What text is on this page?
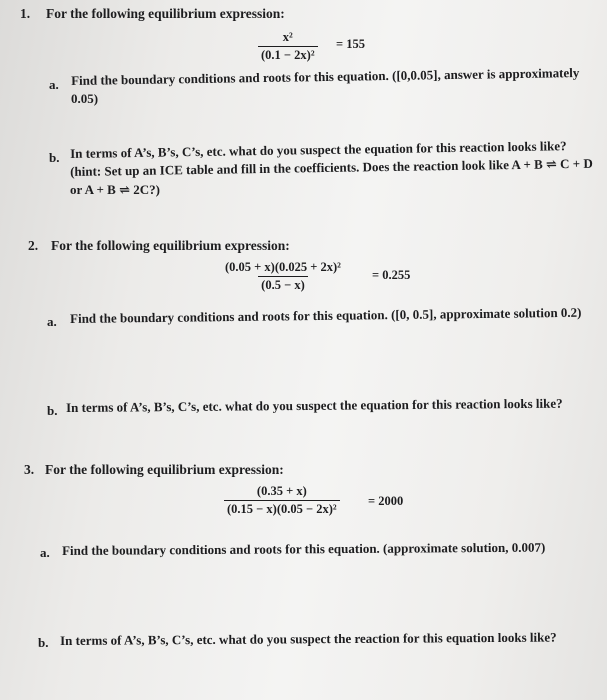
1. For the following equilibrium expression:
$\frac{\text{x²}}{\text{(0.1 − 2x)²}} = 155$
a. Find the boundary conditions and roots for this equation. ([0,0.05], answer is approximately
0.05)
b. In terms of A’s, B’s, C’s, etc. what do you suspect the equation for this reaction looks like?
(hint: Set up an ICE table and fill in the coefficients. Does the reaction look like A + B ⇌ C + D
or A + B ⇌ 2C?)
2. For the following equilibrium expression:
$\frac{\text{(0.05 + x)(0.025 + 2x)²}}{(0.5 - x)} = 0.255$
a. Find the boundary conditions and roots for this equation. ([0, 0.5], approximate solution 0.2)
b. In terms of A’s, B’s, C’s, etc. what do you suspect the equation for this reaction looks like?
3. For the following equilibrium expression:
$\frac{(0.35 + x)}{\text{(0.15 − x)(0.05 − 2x)²}} = 2000$
a. Find the boundary conditions and roots for this equation. (approximate solution, 0.007)
b. In terms of A’s, B’s, C’s, etc. what do you suspect the reaction for this equation looks like?
